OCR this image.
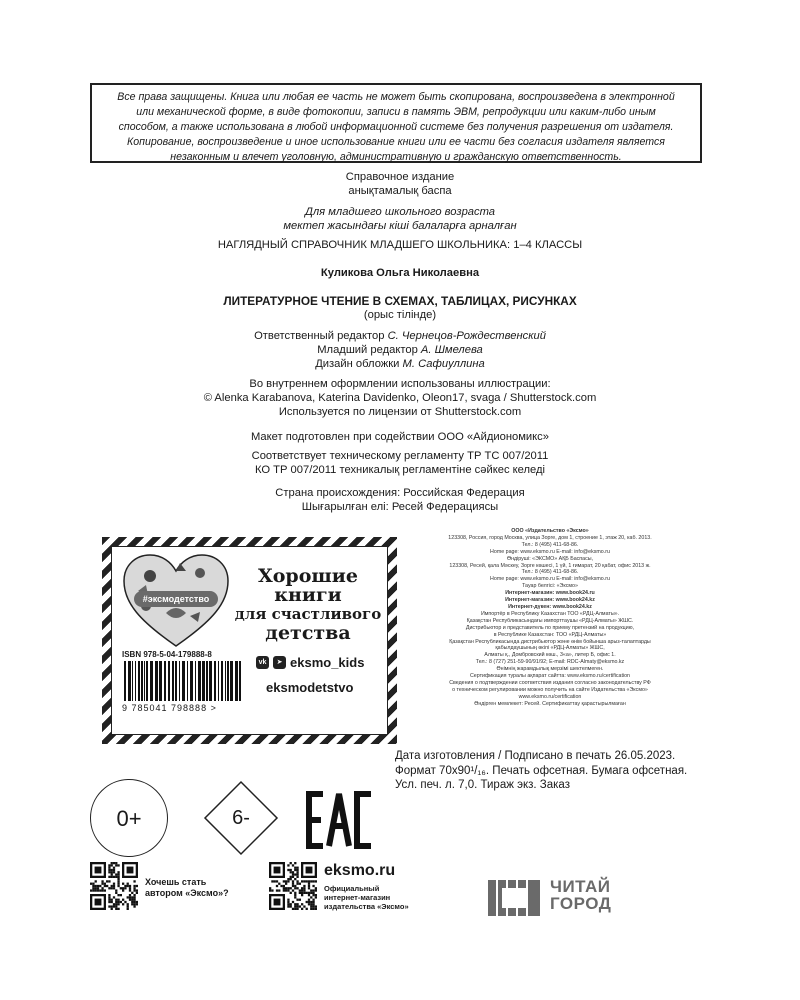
Все права защищены. Книга или любая ее часть не может быть скопирована, воспроизведена в электронной
или механической форме, в виде фотокопии, записи в память ЭВМ, репродукции или каким-либо иным
способом, а также использована в любой информационной системе без получения разрешения от издателя.
Копирование, воспроизведение и иное использование книги или ее части без согласия издателя является
незаконным и влечет уголовную, административную и гражданскую ответственность.
Справочное издание
анықтамалық баспа
Для младшего школьного возраста
мектеп жасындағы кіші балаларға арналған
НАГЛЯДНЫЙ СПРАВОЧНИК МЛАДШЕГО ШКОЛЬНИКА: 1–4 КЛАССЫ
Куликова Ольга Николаевна
ЛИТЕРАТУРНОЕ ЧТЕНИЕ В СХЕМАХ, ТАБЛИЦАХ, РИСУНКАХ
(орыс тілінде)
Ответственный редактор С. Чернецов-Рождественский
Младший редактор А. Шмелева
Дизайн обложки М. Сафиуллина
Во внутреннем оформлении использованы иллюстрации:
© Alenka Karabanova, Katerina Davidenko, Oleon17, svaga / Shutterstock.com
Используется по лицензии от Shutterstock.com
Макет подготовлен при содействии ООО «Айдиономикс»
Соответствует техническому регламенту ТР ТС 007/2011
КО ТР 007/2011 техникалық регламентіне сәйкес келеді
Страна происхождения: Российская Федерация
Шығарылған елі: Ресей Федерациясы
#эксмодетство
Хорошие
книги
для счастливого
детства
ISBN 978-5-04-179888-8
9 785041 798888 >
vk	➤ eksmo_kids
eksmodetstvo
ООО «Издательство «Эксмо»
123308, Россия, город Москва, улица Зорге, дом 1, строение 1, этаж 20, каб. 2013.
Тел.: 8 (495) 411-68-86.
Home page: www.eksmo.ru E-mail: info@eksmo.ru
Өндіруші: «ЭКСМО» АҚБ Баспасы,
123308, Ресей, қала Мәскеу, Зорге көшесі, 1 үй, 1 ғимарат, 20 қабат, офис 2013 ж.
Тел.: 8 (495) 411-68-86.
Home page: www.eksmo.ru E-mail: info@eksmo.ru
Тауар белгісі: «Эксмо»
Интернет-магазин: www.book24.ru
Интернет-магазин: www.book24.kz
Интернет-дүкен: www.book24.kz
Импортёр в Республику Казахстан ТОО «РДЦ-Алматы».
Қазақстан Республикасындағы импорттаушы «РДЦ-Алматы» ЖШС.
Дистрибьютор и представитель по приему претензий на продукцию,
в Республике Казахстан: ТОО «РДЦ-Алматы»
Қазақстан Республикасында дистрибьютор және өнім бойынша арыз-талаптарды
қабылдаушының өкілі «РДЦ-Алматы» ЖШС,
Алматы қ., Домбровский көш., 3«а», литер Б, офис 1.
Тел.: 8 (727) 251-59-90/91/92; E-mail: RDC-Almaty@eksmo.kz
Өнімнің жарамдылық мерзімі шектелмеген.
Сертификация туралы ақпарат сайтта: www.eksmo.ru/certification
Сведения о подтверждении соответствия издания согласно законодательству РФ
о техническом регулировании можно получить на сайте Издательства «Эксмо»
www.eksmo.ru/certification
Өндірген мемлекет: Ресей. Сертификаттау қарастырылмаған
Дата изготовления / Подписано в печать 26.05.2023.
Формат 70x90¹/₁₆. Печать офсетная. Бумага офсетная.
Усл. печ. л. 7,0. Тираж экз. Заказ
0+	6-
Хочешь стать
автором «Эксмо»?
eksmo.ru
Официальный
интернет-магазин
издательства «Эксмо»
ЧИТАЙ
ГОРОД
